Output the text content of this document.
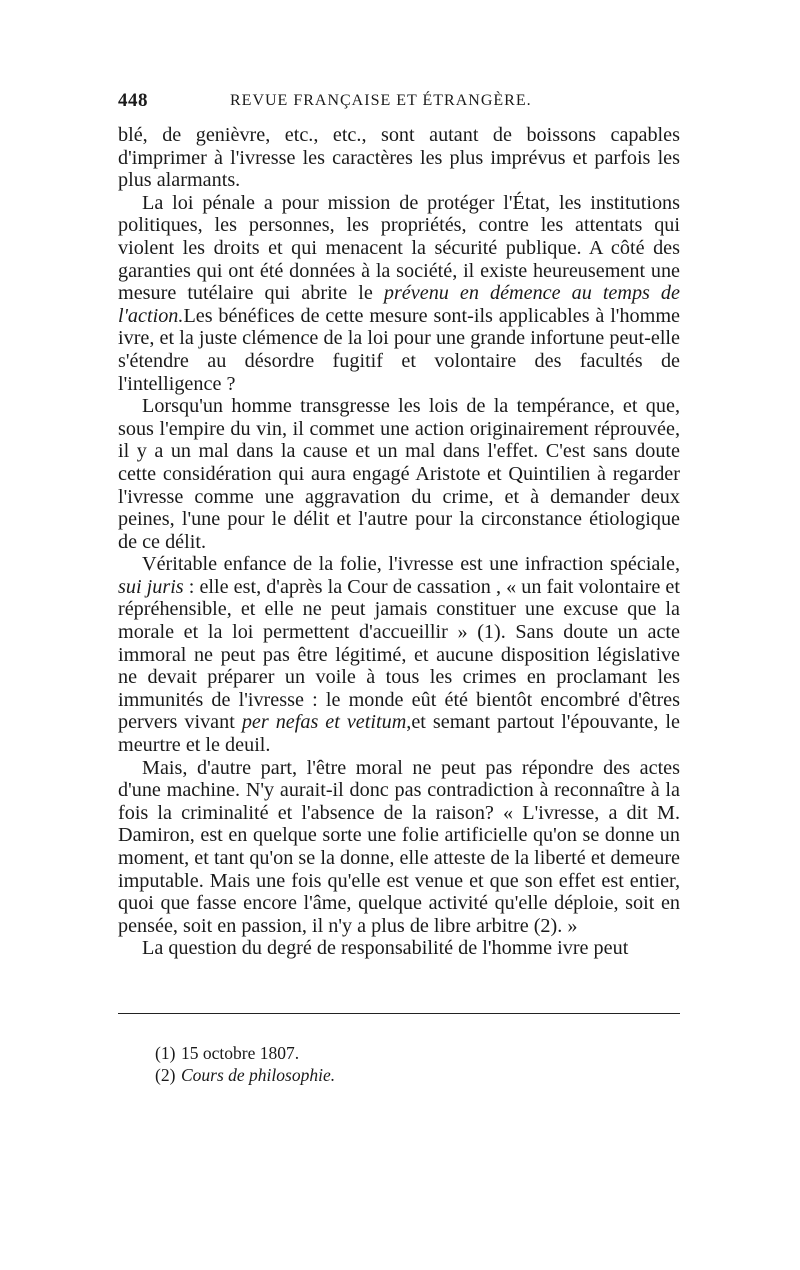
448	REVUE FRANÇAISE ET ÉTRANGÈRE.

blé, de genièvre, etc., etc., sont autant de boissons capables d'imprimer à l'ivresse les caractères les plus imprévus et parfois les plus alarmants.

La loi pénale a pour mission de protéger l'État, les institutions politiques, les personnes, les propriétés, contre les attentats qui violent les droits et qui menacent la sécurité publique. A côté des garanties qui ont été données à la société, il existe heureusement une mesure tutélaire qui abrite le prévenu en démence au temps de l'action.Les bénéfices de cette mesure sont-ils applicables à l'homme ivre, et la juste clémence de la loi pour une grande infortune peut-elle s'étendre au désordre fugitif et volontaire des facultés de l'intelligence ?

Lorsqu'un homme transgresse les lois de la tempérance, et que, sous l'empire du vin, il commet une action originairement réprouvée, il y a un mal dans la cause et un mal dans l'effet. C'est sans doute cette considération qui aura engagé Aristote et Quintilien à regarder l'ivresse comme une aggravation du crime, et à demander deux peines, l'une pour le délit et l'autre pour la circonstance étiologique de ce délit.

Véritable enfance de la folie, l'ivresse est une infraction spéciale, sui juris : elle est, d'après la Cour de cassation , « un fait volontaire et répréhensible, et elle ne peut jamais constituer une excuse que la morale et la loi permettent d'accueillir » (1). Sans doute un acte immoral ne peut pas être légitimé, et aucune disposition législative ne devait préparer un voile à tous les crimes en proclamant les immunités de l'ivresse : le monde eût été bientôt encombré d'êtres pervers vivant per nefas et vetitum,et semant partout l'épouvante, le meurtre et le deuil.

Mais, d'autre part, l'être moral ne peut pas répondre des actes d'une machine. N'y aurait-il donc pas contradiction à reconnaître à la fois la criminalité et l'absence de la raison? « L'ivresse, a dit M. Damiron, est en quelque sorte une folie artificielle qu'on se donne un moment, et tant qu'on se la donne, elle atteste de la liberté et demeure imputable. Mais une fois qu'elle est venue et que son effet est entier, quoi que fasse encore l'âme, quelque activité qu'elle déploie, soit en pensée, soit en passion, il n'y a plus de libre arbitre (2). »

La question du degré de responsabilité de l'homme ivre peut

(1) 15 octobre 1807.
(2) Cours de philosophie.
